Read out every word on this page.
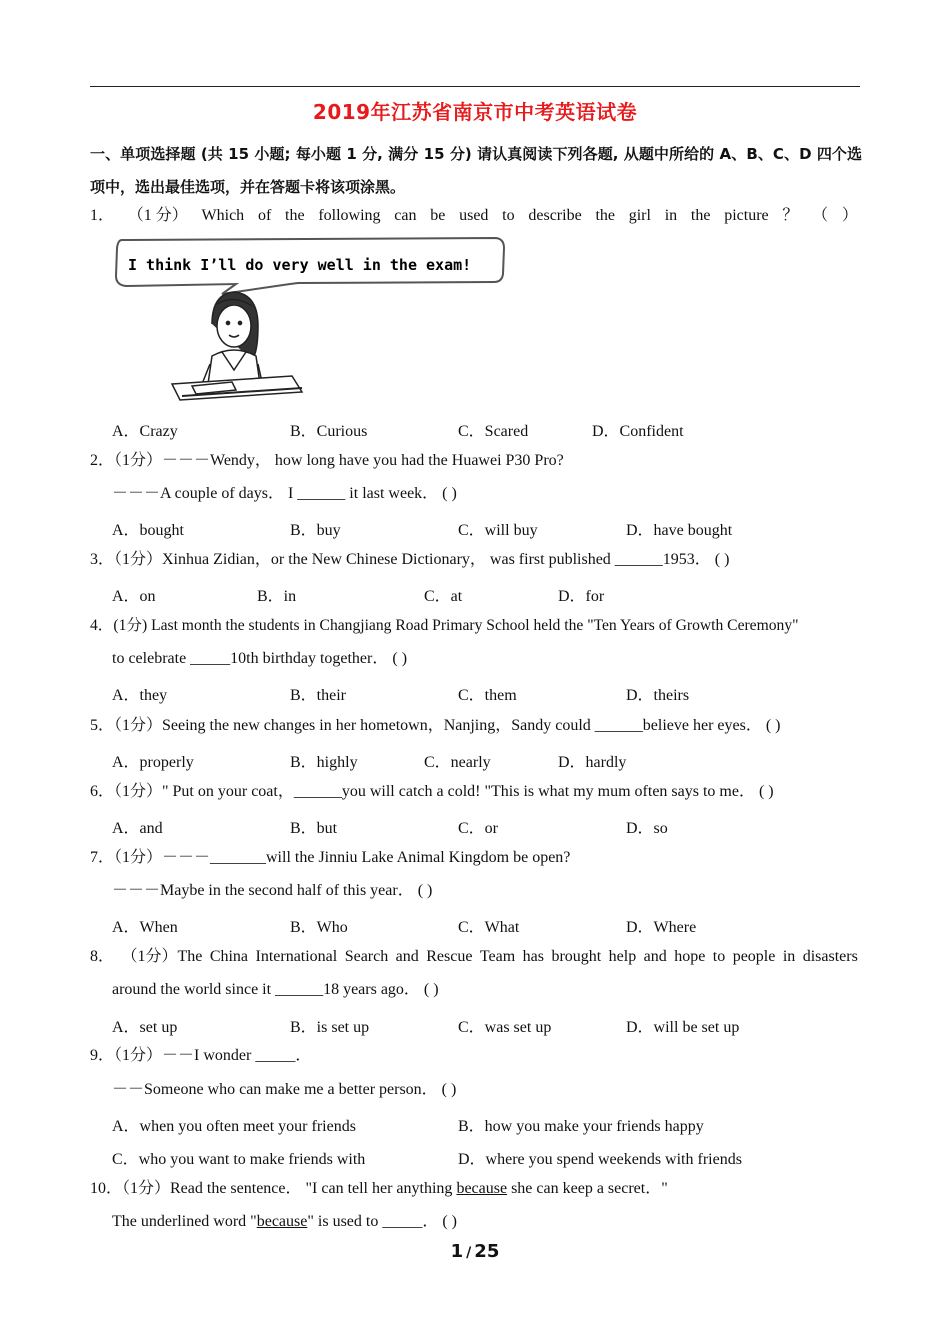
2019年江苏省南京市中考英语试卷
一、单项选择题 (共 15 小题; 每小题 1 分, 满分 15 分) 请认真阅读下列各题, 从题中所给的 A、B、C、D 四个选项中，选出最佳选项，并在答题卡将该项涂黑。
1． （1 分） Which of the following can be used to describe the girl in the picture ？ （ ）
I think I’ll do very well in the exam!
A．Crazy	B．Curious	C．Scared	D．Confident
2．（1分）－－－Wendy， how long have you had the Huawei P30 Pro?
－－－A couple of days． I ______ it last week． ( )
A．bought	B．buy	C．will buy	D．have bought
3．（1分）Xinhua Zidian，or the New Chinese Dictionary， was first published ______1953． ( )
A．on	B．in	C．at	D．for
4．(1分) Last month the students in Changjiang Road Primary School held the "Ten Years of Growth Ceremony"
to celebrate _____10th birthday together． ( )
A．they	B．their	C．them	D．theirs
5．（1分）Seeing the new changes in her hometown，Nanjing，Sandy could ______believe her eyes． ( )
A．properly	B．highly	C．nearly	D．hardly
6．（1分）" Put on your coat，______you will catch a cold! "This is what my mum often says to me． ( )
A．and	B．but	C．or	D．so
7．（1分）－－－_______will the Jinniu Lake Animal Kingdom be open?
－－－Maybe in the second half of this year． ( )
A．When	B．Who	C．What	D．Where
8． （1分）The China International Search and Rescue Team has brought help and hope to people in disasters
around the world since it ______18 years ago． ( )
A．set up	B．is set up	C．was set up	D．will be set up
9．（1分）－－I wonder _____．
－－Someone who can make me a better person． ( )
A．when you often meet your friends	B．how you make your friends happy
C．who you want to make friends with	D．where you spend weekends with friends
10．（1分）Read the sentence． "I can tell her anything because she can keep a secret．"
The underlined word "because" is used to _____． ( )
1 / 25
